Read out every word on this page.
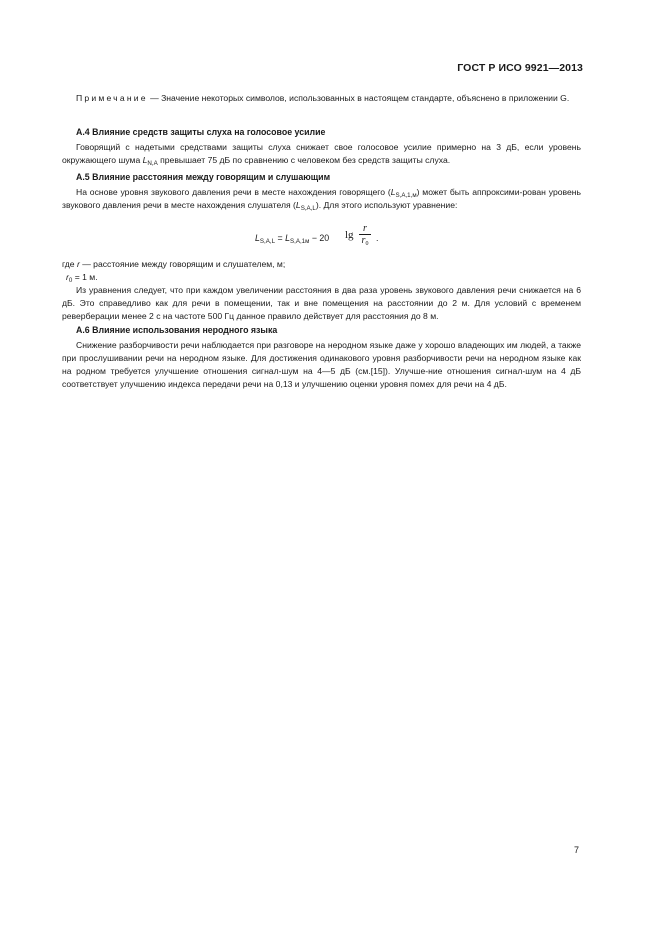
ГОСТ Р ИСО 9921—2013

Примечание — Значение некоторых символов, использованных в настоящем стандарте, объяснено в приложении G.

А.4 Влияние средств защиты слуха на голосовое усилие

Говорящий с надетыми средствами защиты слуха снижает свое голосовое усилие примерно на 3 дБ, если уровень окружающего шума $L_{N,A}$ превышает 75 дБ по сравнению с человеком без средств защиты слуха.

А.5 Влияние расстояния между говорящим и слушающим

На основе уровня звукового давления речи в месте нахождения говорящего $(L_{S,A,1,м})$ может быть аппроксими-рован уровень звукового давления речи в месте нахождения слушателя $(L_{S,A,L})$. Для этого используют уравнение:

$L_{S,A,L} = L_{S,A,1м} - 20$ lg
r
$r_0$
.

где r — расстояние между говорящим и слушателем, м;

$r_0 = 1$ м.

Из уравнения следует, что при каждом увеличении расстояния в два раза уровень звукового давления речи снижается на 6 дБ. Это справедливо как для речи в помещении, так и вне помещения на расстоянии до 2 м. Для условий с временем реверберации менее 2 с на частоте 500 Гц данное правило действует для расстояния до 8 м.

А.6 Влияние использования неродного языка

Снижение разборчивости речи наблюдается при разговоре на неродном языке даже у хорошо владеющих им людей, а также при прослушивании речи на неродном языке. Для достижения одинакового уровня разборчивости речи на неродном языке как на родном требуется улучшение отношения сигнал-шум на 4—5 дБ (см.[15]). Улучше-ние отношения сигнал-шум на 4 дБ соответствует улучшению индекса передачи речи на 0,13 и улучшению оценки уровня помех для речи на 4 дБ.

7
